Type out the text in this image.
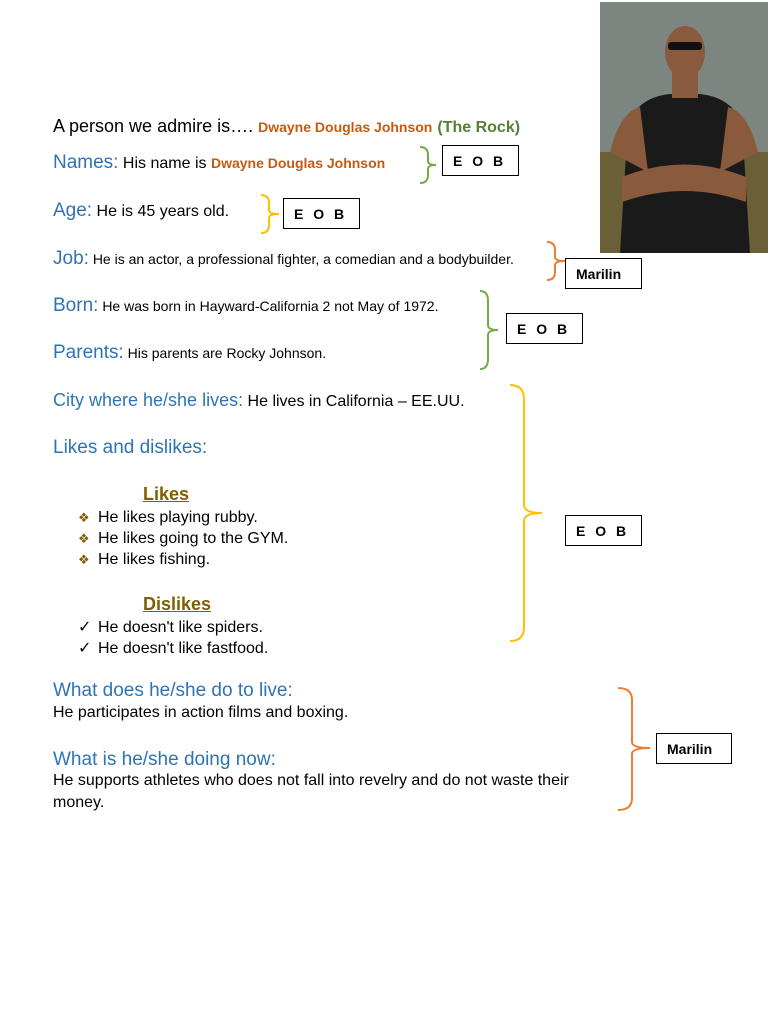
A person we admire is…. Dwayne Douglas Johnson (The Rock)
Names: His name is Dwayne Douglas Johnson
Age: He is 45 years old.
Job: He is an actor, a professional fighter, a comedian and a bodybuilder.
Born: He was born in Hayward-California 2 not May of 1972.
Parents: His parents are Rocky Johnson.
City where he/she lives: He lives in California – EE.UU.
Likes and dislikes:
Likes
❖ He likes playing rubby.
❖ He likes going to the GYM.
❖ He likes fishing.
Dislikes
✓ He doesn't like spiders.
✓ He doesn't like fastfood.
What does he/she do to live:
He participates in action films and boxing.
What is he/she doing now:
He supports athletes who does not fall into revelry and do not waste their
money.
E O B
E O B
Marilin
E O B
E O B
Marilin
